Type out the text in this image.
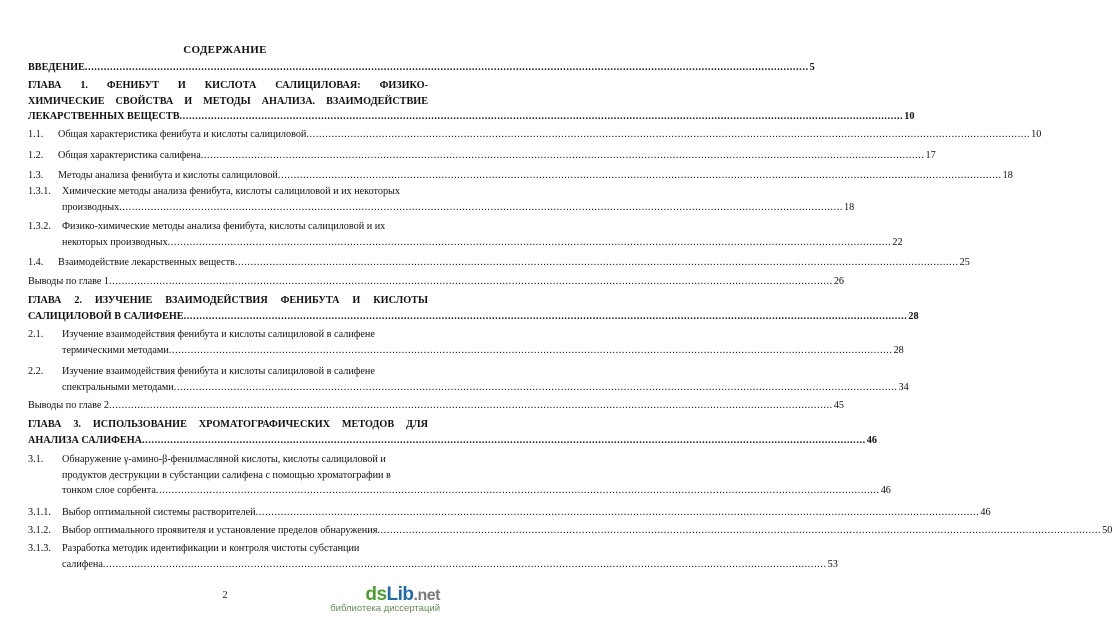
СОДЕРЖАНИЕ
ВВЕДЕНИЕ .....	5
ГЛАВА 1. ФЕНИБУТ И КИСЛОТА САЛИЦИЛОВАЯ: ФИЗИКО-
ХИМИЧЕСКИЕ СВОЙСТВА И МЕТОДЫ АНАЛИЗА. ВЗАИМОДЕЙСТВИЕ
ЛЕКАРСТВЕННЫХ ВЕЩЕСТВ .....	10
1.1.	Общая характеристика фенибута и кислоты салициловой .....	10
1.2.	Общая характеристика салифена .....	17
1.3.	Методы анализа фенибута и кислоты салициловой .....	18
1.3.1.	Химические методы анализа фенибута, кислоты салициловой и их некоторых
производных .....	18
1.3.2.	Физико-химические методы анализа фенибута, кислоты салициловой и их
некоторых производных .....	22
1.4.	Взаимодействие лекарственных веществ .....	25
Выводы по главе 1 .....	26
ГЛАВА 2. ИЗУЧЕНИЕ ВЗАИМОДЕЙСТВИЯ ФЕНИБУТА И КИСЛОТЫ
САЛИЦИЛОВОЙ В САЛИФЕНЕ .....	28
2.1.	Изучение взаимодействия фенибута и кислоты салициловой в салифене
термическими методами .....	28
2.2.	Изучение взаимодействия фенибута и кислоты салициловой в салифене
спектральными методами .....	34
Выводы по главе 2 .....	45
ГЛАВА 3. ИСПОЛЬЗОВАНИЕ ХРОМАТОГРАФИЧЕСКИХ МЕТОДОВ ДЛЯ
АНАЛИЗА САЛИФЕНА .....	46
3.1.	Обнаружение γ-амино-β-фенилмасляной кислоты, кислоты салициловой и
продуктов деструкции в субстанции салифена с помощью хроматографии в
тонком слое сорбента .....	46
3.1.1.	Выбор оптимальной системы растворителей .....	46
3.1.2.	Выбор оптимального проявителя и установление пределов обнаружения .....	50
3.1.3.	Разработка методик идентификации и контроля чистоты субстанции
салифена .....	53
2	dsLib.net
библиотека диссертаций
